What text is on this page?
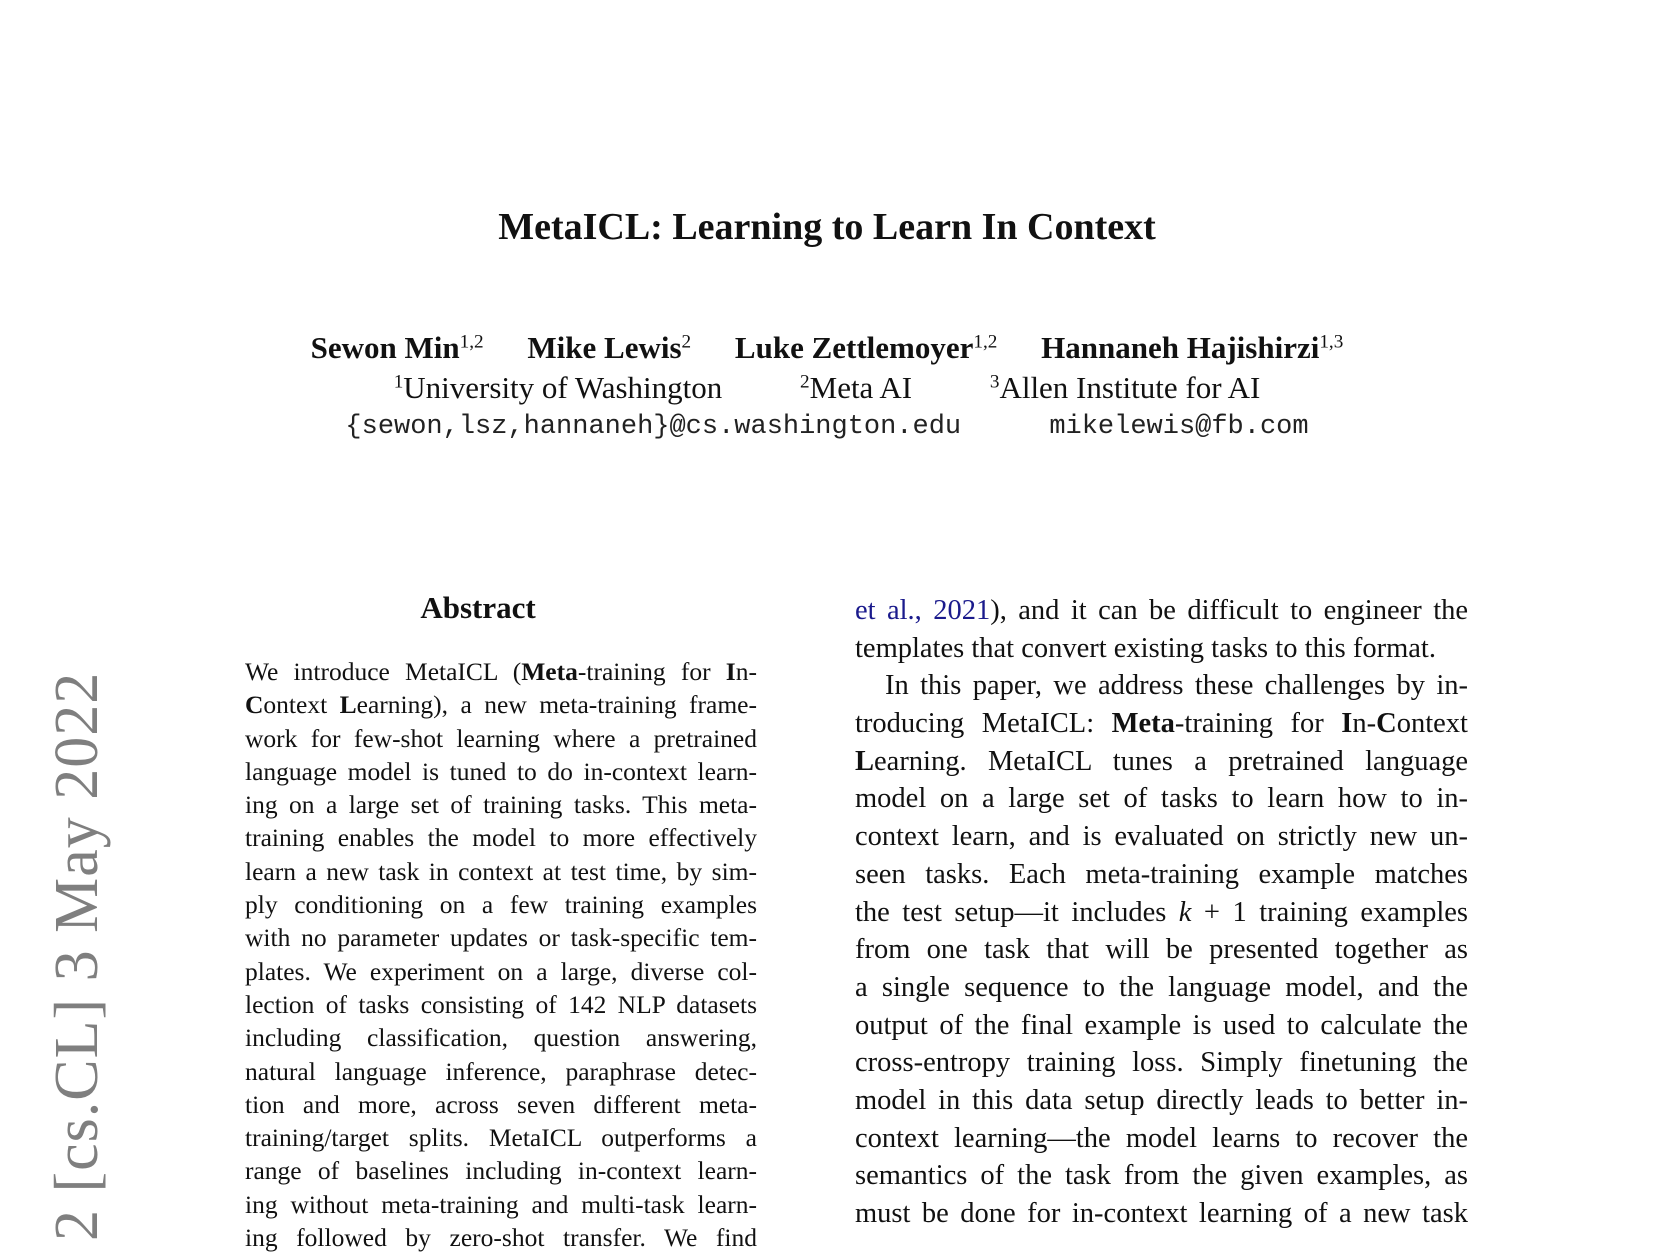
2 [cs.CL] 3 May 2022
MetaICL: Learning to Learn In Context
Sewon Min$^{1,2}$ Mike Lewis$^2$ Luke Zettlemoyer$^{1,2}$ Hannaneh Hajishirzi$^{1,3}$
$^1$University of Washington	$^2$Meta AI	$^3$Allen Institute for AI
{sewon,lsz,hannaneh}@cs.washington.edu	mikelewis@fb.com
Abstract
We introduce MetaICL (Meta-training for In-
Context Learning), a new meta-training frame-
work for few-shot learning where a pretrained
language model is tuned to do in-context learn-
ing on a large set of training tasks. This meta-
training enables the model to more effectively
learn a new task in context at test time, by sim-
ply conditioning on a few training examples
with no parameter updates or task-specific tem-
plates. We experiment on a large, diverse col-
lection of tasks consisting of 142 NLP datasets
including classification, question answering,
natural language inference, paraphrase detec-
tion and more, across seven different meta-
training/target splits. MetaICL outperforms a
range of baselines including in-context learn-
ing without meta-training and multi-task learn-
ing followed by zero-shot transfer. We find
et al., 2021), and it can be difficult to engineer the
templates that convert existing tasks to this format.
In this paper, we address these challenges by in-
troducing MetaICL: Meta-training for In-Context
Learning. MetaICL tunes a pretrained language
model on a large set of tasks to learn how to in-
context learn, and is evaluated on strictly new un-
seen tasks. Each meta-training example matches
the test setup—it includes k + 1 training examples
from one task that will be presented together as
a single sequence to the language model, and the
output of the final example is used to calculate the
cross-entropy training loss. Simply finetuning the
model in this data setup directly leads to better in-
context learning—the model learns to recover the
semantics of the task from the given examples, as
must be done for in-context learning of a new task
